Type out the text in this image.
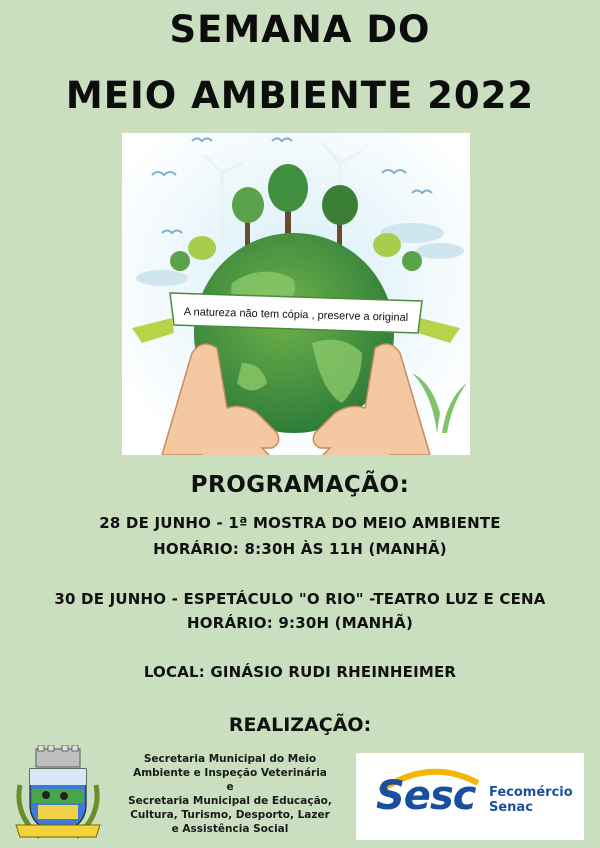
SEMANA DO
MEIO AMBIENTE 2022
A natureza não tem cópia , preserve a original
PROGRAMAÇÃO:
28 DE JUNHO - 1ª MOSTRA DO MEIO AMBIENTE
HORÁRIO: 8:30H ÀS 11H (MANHÃ)
30 DE JUNHO - ESPETÁCULO "O RIO" -TEATRO LUZ E CENA
HORÁRIO: 9:30H (MANHÃ)
LOCAL: GINÁSIO RUDI RHEINHEIMER
REALIZAÇÃO:
Secretaria Municipal do Meio
Ambiente e Inspeção Veterinária
e
Secretaria Municipal de Educação,
Cultura, Turismo, Desporto, Lazer
e Assistência Social
Sesc Fecomércio
Senac
